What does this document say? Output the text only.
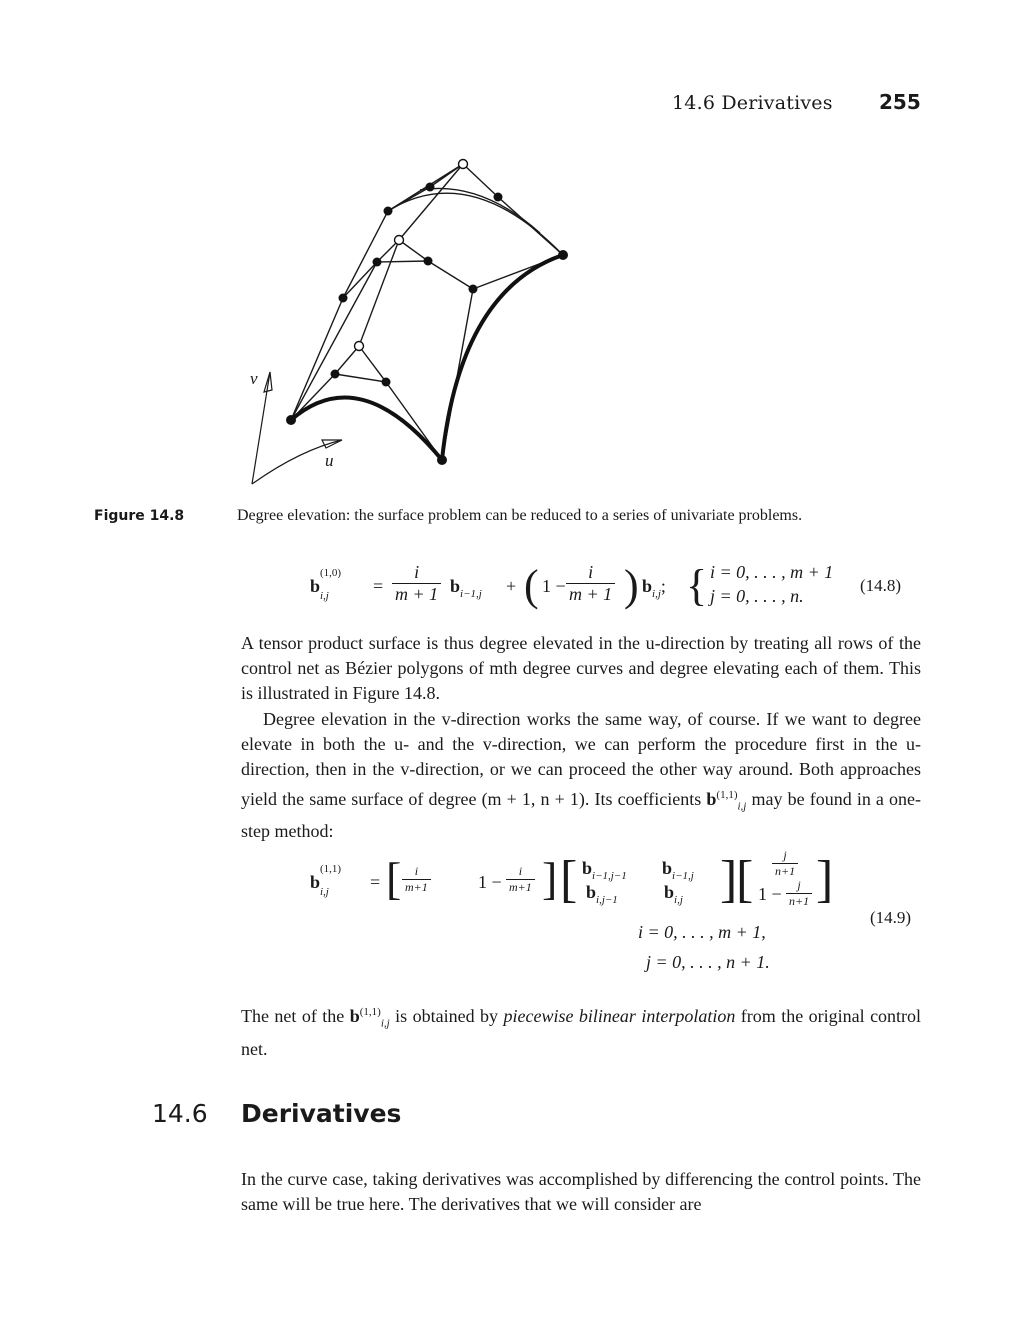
14.6 Derivatives 255
v
u
Figure 14.8	Degree elevation: the surface problem can be reduced to a series of univariate problems.
$b^{(1,0)}$
$i,j = \frac{i}{m + 1} b_{i-1,j}$ + ( $1 - \frac{i}{m + 1}$ ) $b_{i,j}$; { i = 0, . . . , m + 1
j = 0, . . . , n.
(14.8)

A tensor product surface is thus degree elevated in the u-direction by treating all rows of the control net as Bézier polygons of mth degree curves and degree elevating each of them. This is illustrated in Figure 14.8.

Degree elevation in the v-direction works the same way, of course. If we want to degree elevate in both the u- and the v-direction, we can perform the procedure first in the u-direction, then in the v-direction, or we can proceed the other way around. Both approaches yield the same surface of degree (m + 1, n + 1). Its coefficients $b^{(1,1)}_{i,j}$ may be found in a one-step method:

$b^{(1,1)}$
i,j = [ $\frac{i}{m+1}$	$1 - \frac{i}{m+1}$ ] [ $b_{i-1,j-1}$ $b_{i-1,j}$
$b_{i,j-1}$	$b_{i,j}$ ]
[ $\frac{j}{n+1}$
$1 - \frac{j}{n+1}$ ]
i = 0, . . . , m + 1,
j = 0, . . . , n + 1.
(14.9)

The net of the $b^{(1,1)}_{i,j}$ is obtained by piecewise bilinear interpolation from the original control net.

14.6 Derivatives

In the curve case, taking derivatives was accomplished by differencing the control points. The same will be true here. The derivatives that we will consider are
